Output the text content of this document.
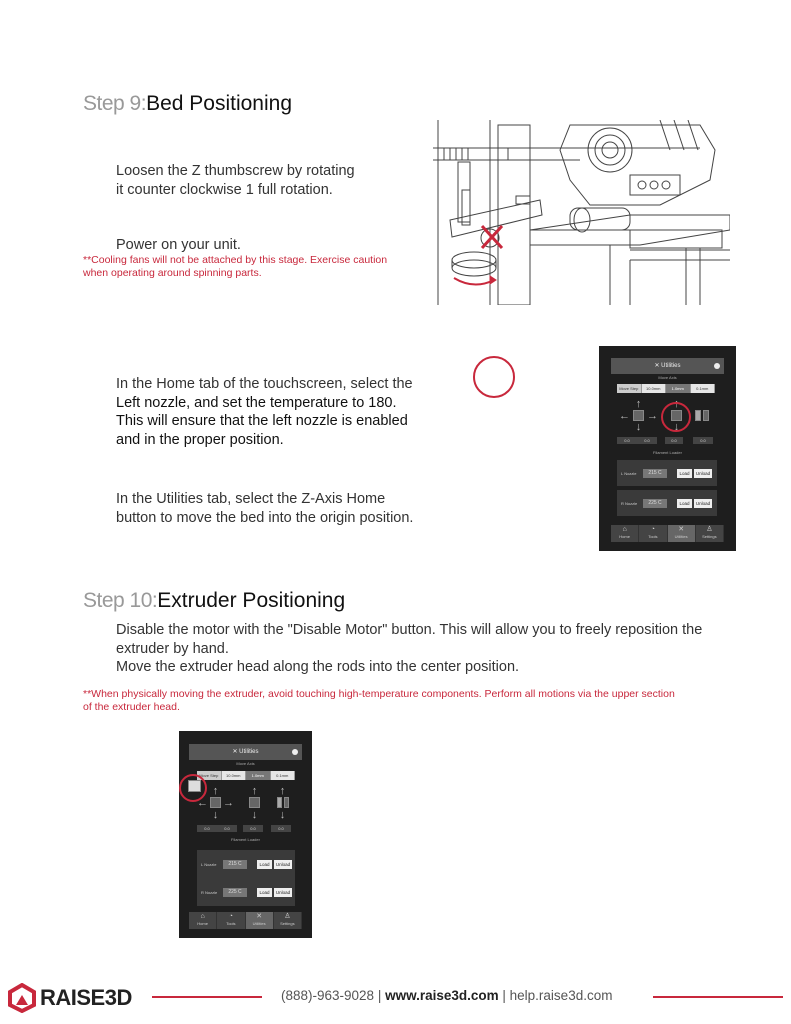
Step 9:Bed Positioning
Loosen the Z thumbscrew by rotating
it counter clockwise 1 full rotation.
Power on your unit.
**Cooling fans will not be attached by this stage. Exercise caution
when operating around spinning parts.
In the Home tab of the touchscreen, select the
Left nozzle, and set the temperature to 180.
This will ensure that the left nozzle is enabled
and in the proper position.
In the Utilities tab, select the Z-Axis Home
button to move the bed into the origin position.
✕ Utilities
Move Axis
Move Step	10.0mm	1.0mm	0.1mm
↑
← →
↓
↑
↓
0.0	0.0	0.0	0.0
Filament Loader
L Nozzle	215 C	Load	Unload
R Nozzle	225 C	Load	Unload
⌂
Home
◔
Tools
✕
Utilities
♙
Settings
Step 10:Extruder Positioning
Disable the motor with the "Disable Motor" button. This will allow you to freely reposition the
extruder by hand.
Move the extruder head along the rods into the center position.
**When physically moving the extruder, avoid touching high-temperature components. Perform all motions via the upper section
of the extruder head.
✕ Utilities
Move Axis
Move Step	10.0mm	1.0mm	0.1mm
↑
← →
↓
↑
↓
↑
↓
0.0	0.0	0.0	0.0
Filament Loader
L Nozzle	215 C	Load	Unload
R Nozzle	225 C	Load	Unload
⌂
Home
◔
Tools
✕
Utilities
♙
Settings
RAISE3D	(888)-963-9028 | www.raise3d.com | help.raise3d.com
